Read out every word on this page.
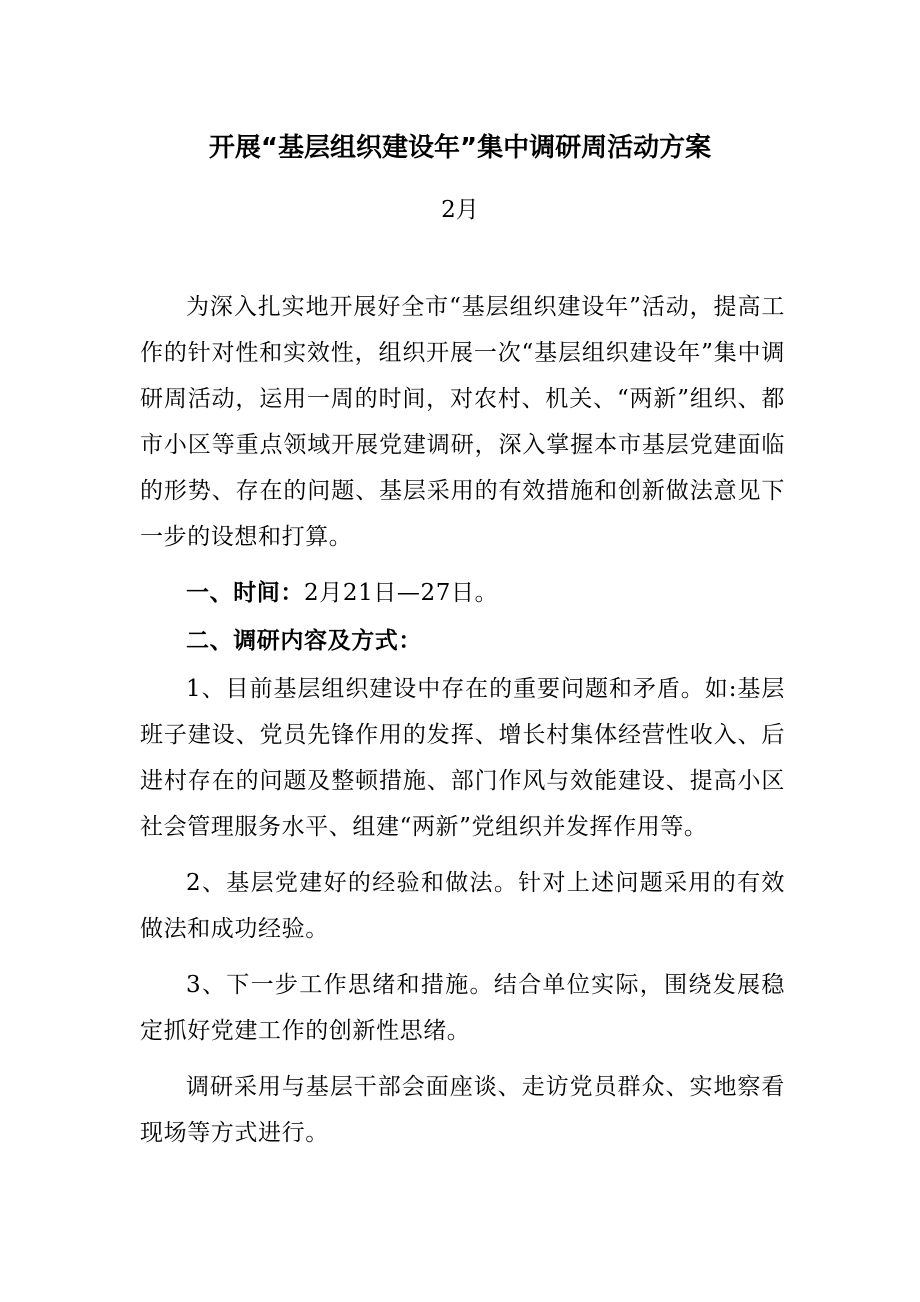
开展“基层组织建设年”集中调研周活动方案
2月

为深入扎实地开展好全市“基层组织建设年”活动，提高工作的针对性和实效性，组织开展一次“基层组织建设年”集中调研周活动，运用一周的时间，对农村、机关、“两新”组织、都市小区等重点领域开展党建调研，深入掌握本市基层党建面临的形势、存在的问题、基层采用的有效措施和创新做法意见下一步的设想和打算。

一、时间：2月21日—27日。

二、调研内容及方式：

1、目前基层组织建设中存在的重要问题和矛盾。如:基层班子建设、党员先锋作用的发挥、增长村集体经营性收入、后进村存在的问题及整顿措施、部门作风与效能建设、提高小区社会管理服务水平、组建“两新”党组织并发挥作用等。

2、基层党建好的经验和做法。针对上述问题采用的有效做法和成功经验。

3、下一步工作思绪和措施。结合单位实际，围绕发展稳定抓好党建工作的创新性思绪。

调研采用与基层干部会面座谈、走访党员群众、实地察看现场等方式进行。
